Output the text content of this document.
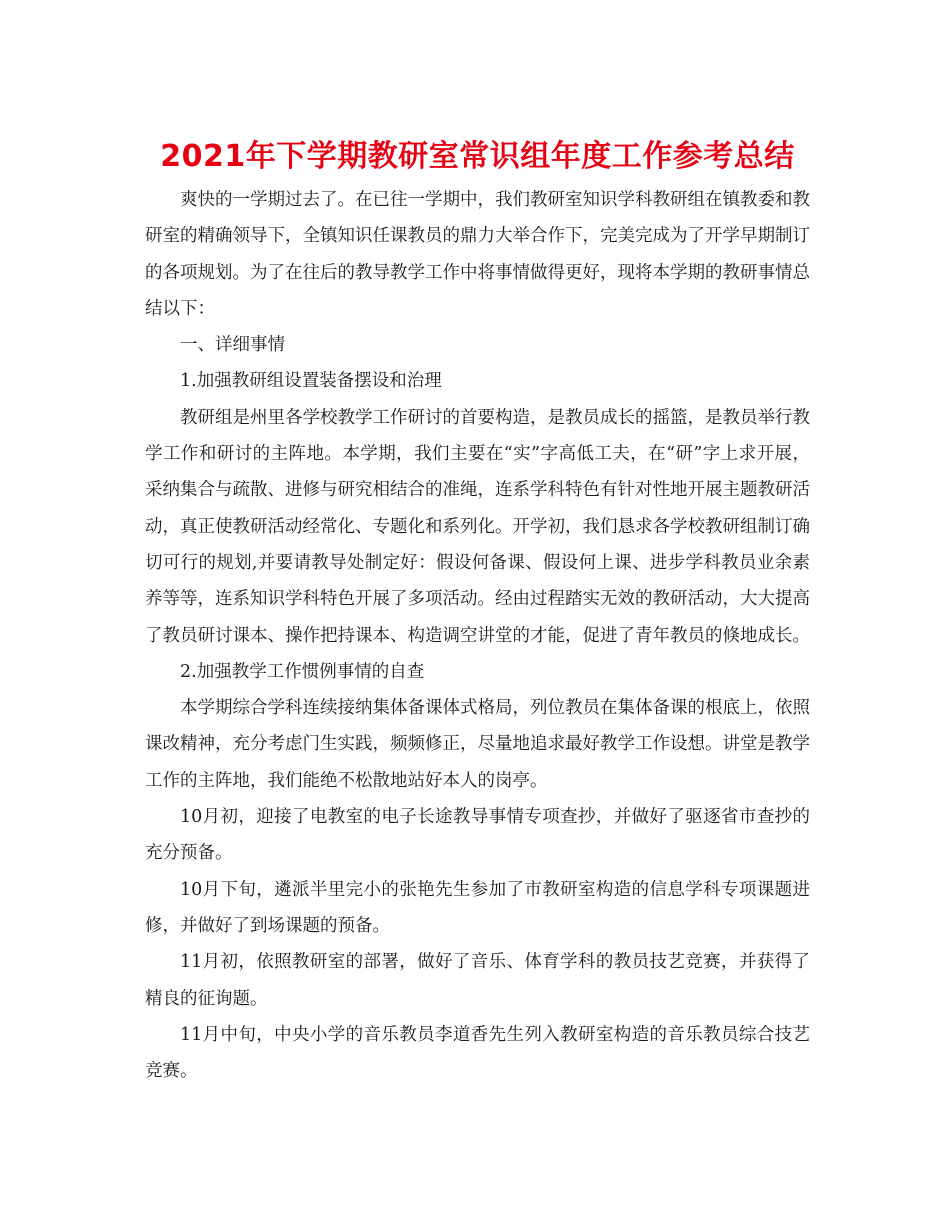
2021年下学期教研室常识组年度工作参考总结

爽快的一学期过去了。在已往一学期中，我们教研室知识学科教研组在镇教委和教研室的精确领导下，全镇知识任课教员的鼎力大举合作下，完美完成为了开学早期制订的各项规划。为了在往后的教导教学工作中将事情做得更好，现将本学期的教研事情总结以下：

一、详细事情

1.加强教研组设置装备摆设和治理

教研组是州里各学校教学工作研讨的首要构造，是教员成长的摇篮，是教员举行教学工作和研讨的主阵地。本学期，我们主要在“实”字高低工夫，在“研”字上求开展，采纳集合与疏散、进修与研究相结合的准绳，连系学科特色有针对性地开展主题教研活动，真正使教研活动经常化、专题化和系列化。开学初，我们恳求各学校教研组制订确切可行的规划,并要请教导处制定好：假设何备课、假设何上课、进步学科教员业余素养等等，连系知识学科特色开展了多项活动。经由过程踏实无效的教研活动，大大提高了教员研讨课本、操作把持课本、构造调空讲堂的才能，促进了青年教员的倏地成长。

2.加强教学工作惯例事情的自查

本学期综合学科连续接纳集体备课体式格局，列位教员在集体备课的根底上，依照课改精神，充分考虑门生实践，频频修正，尽量地追求最好教学工作设想。讲堂是教学工作的主阵地，我们能绝不松散地站好本人的岗亭。

10月初，迎接了电教室的电子长途教导事情专项查抄，并做好了驱逐省市查抄的充分预备。

10月下旬，遴派半里完小的张艳先生参加了市教研室构造的信息学科专项课题进修，并做好了到场课题的预备。

11月初，依照教研室的部署，做好了音乐、体育学科的教员技艺竞赛，并获得了精良的征询题。

11月中旬，中央小学的音乐教员李道香先生列入教研室构造的音乐教员综合技艺竞赛。
